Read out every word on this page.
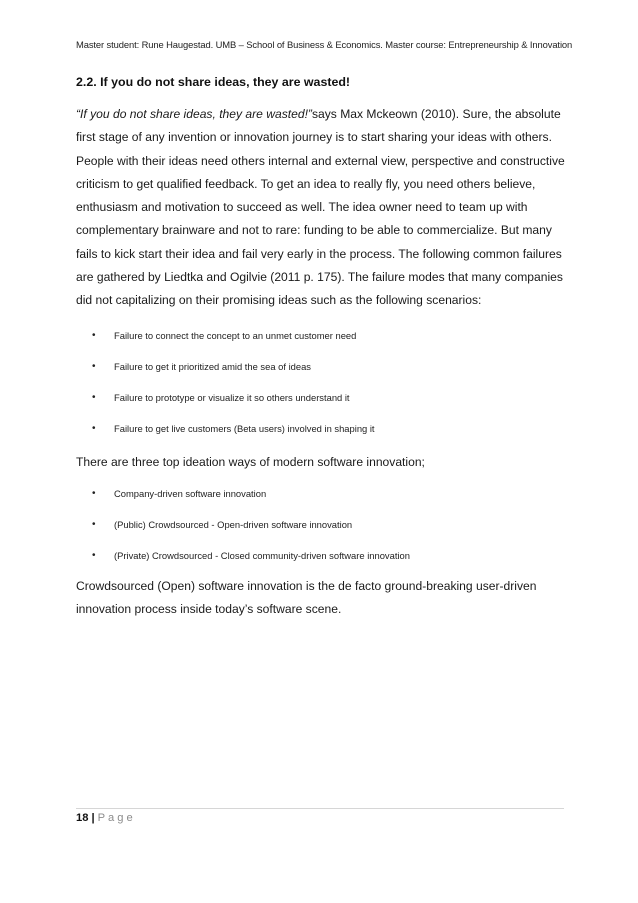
Master student: Rune Haugestad. UMB – School of Business & Economics. Master course: Entrepreneurship & Innovation
2.2. If you do not share ideas, they are wasted!

“If you do not share ideas, they are wasted!”says Max Mckeown (2010). Sure, the absolute first stage of any invention or innovation journey is to start sharing your ideas with others. People with their ideas need others internal and external view, perspective and constructive criticism to get qualified feedback. To get an idea to really fly, you need others believe, enthusiasm and motivation to succeed as well. The idea owner need to team up with complementary brainware and not to rare: funding to be able to commercialize. But many fails to kick start their idea and fail very early in the process. The following common failures are gathered by Liedtka and Ogilvie (2011 p. 175). The failure modes that many companies did not capitalizing on their promising ideas such as the following scenarios:

• Failure to connect the concept to an unmet customer need
• Failure to get it prioritized amid the sea of ideas
• Failure to prototype or visualize it so others understand it
• Failure to get live customers (Beta users) involved in shaping it

There are three top ideation ways of modern software innovation;

• Company-driven software innovation
• (Public) Crowdsourced - Open-driven software innovation
• (Private) Crowdsourced - Closed community-driven software innovation

Crowdsourced (Open) software innovation is the de facto ground-breaking user-driven innovation process inside today’s software scene.

18 | Page
